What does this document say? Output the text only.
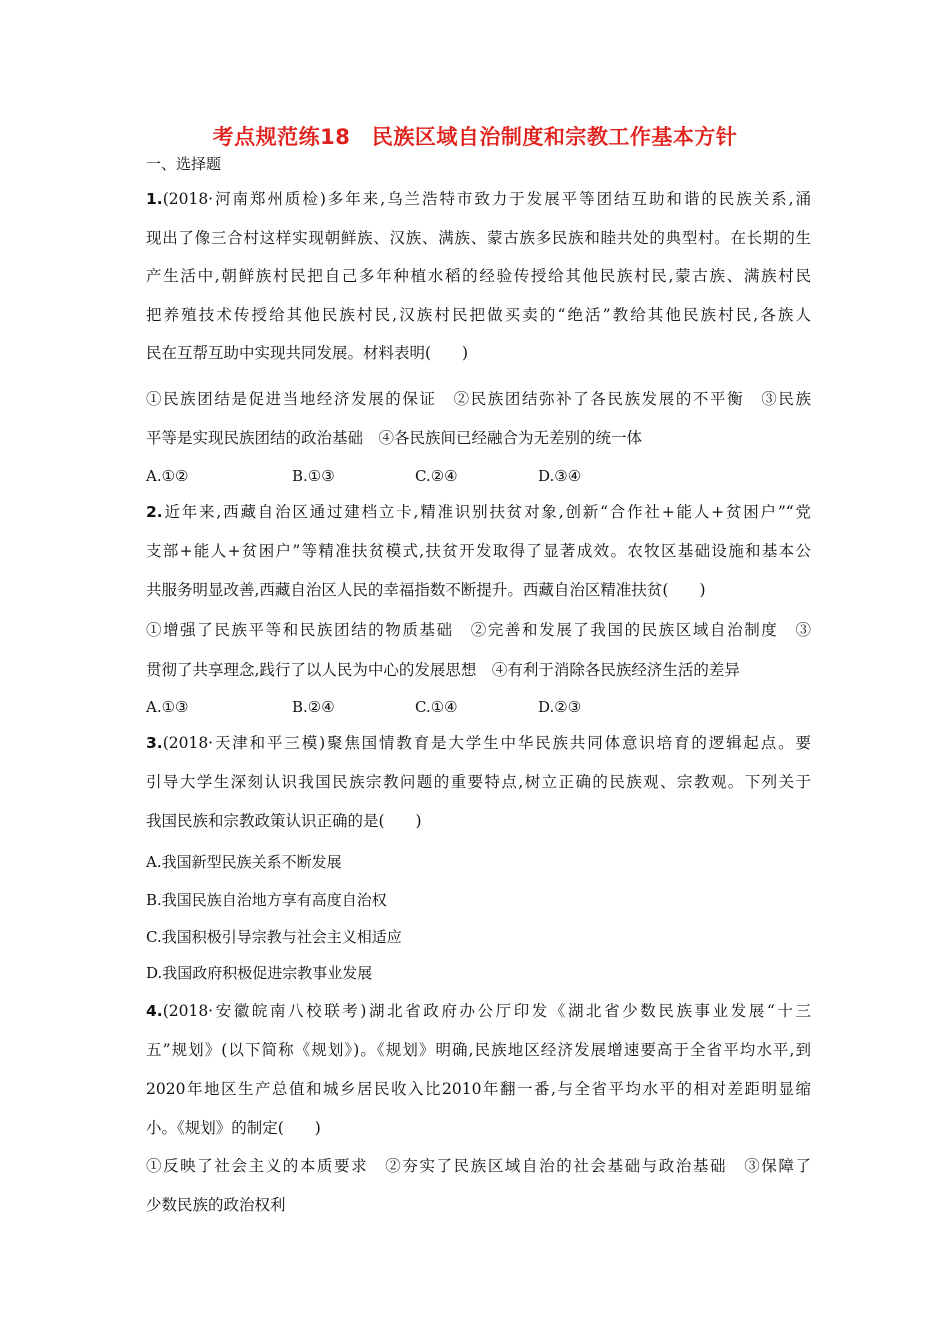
考点规范练18　民族区域自治制度和宗教工作基本方针
一、选择题
1.(2018·河南郑州质检)多年来,乌兰浩特市致力于发展平等团结互助和谐的民族关系,涌
现出了像三合村这样实现朝鲜族、汉族、满族、蒙古族多民族和睦共处的典型村。在长期的生
产生活中,朝鲜族村民把自己多年种植水稻的经验传授给其他民族村民,蒙古族、满族村民
把养殖技术传授给其他民族村民,汉族村民把做买卖的“绝活”教给其他民族村民,各族人
民在互帮互助中实现共同发展。材料表明(　　)
①民族团结是促进当地经济发展的保证　②民族团结弥补了各民族发展的不平衡　③民族
平等是实现民族团结的政治基础　④各民族间已经融合为无差别的统一体
A.①②	B.①③	C.②④	D.③④
2.近年来,西藏自治区通过建档立卡,精准识别扶贫对象,创新“合作社+能人+贫困户”“党
支部+能人+贫困户”等精准扶贫模式,扶贫开发取得了显著成效。农牧区基础设施和基本公
共服务明显改善,西藏自治区人民的幸福指数不断提升。西藏自治区精准扶贫(　　)
①增强了民族平等和民族团结的物质基础　②完善和发展了我国的民族区域自治制度　③
贯彻了共享理念,践行了以人民为中心的发展思想　④有利于消除各民族经济生活的差异
A.①③	B.②④	C.①④	D.②③
3.(2018·天津和平三模)聚焦国情教育是大学生中华民族共同体意识培育的逻辑起点。要
引导大学生深刻认识我国民族宗教问题的重要特点,树立正确的民族观、宗教观。下列关于
我国民族和宗教政策认识正确的是(　　)
A.我国新型民族关系不断发展
B.我国民族自治地方享有高度自治权
C.我国积极引导宗教与社会主义相适应
D.我国政府积极促进宗教事业发展
4.(2018·安徽皖南八校联考)湖北省政府办公厅印发《湖北省少数民族事业发展“十三
五”规划》(以下简称《规划》)。《规划》明确,民族地区经济发展增速要高于全省平均水平,到
2020年地区生产总值和城乡居民收入比2010年翻一番,与全省平均水平的相对差距明显缩
小。《规划》的制定(　　)
①反映了社会主义的本质要求　②夯实了民族区域自治的社会基础与政治基础　③保障了
少数民族的政治权利
